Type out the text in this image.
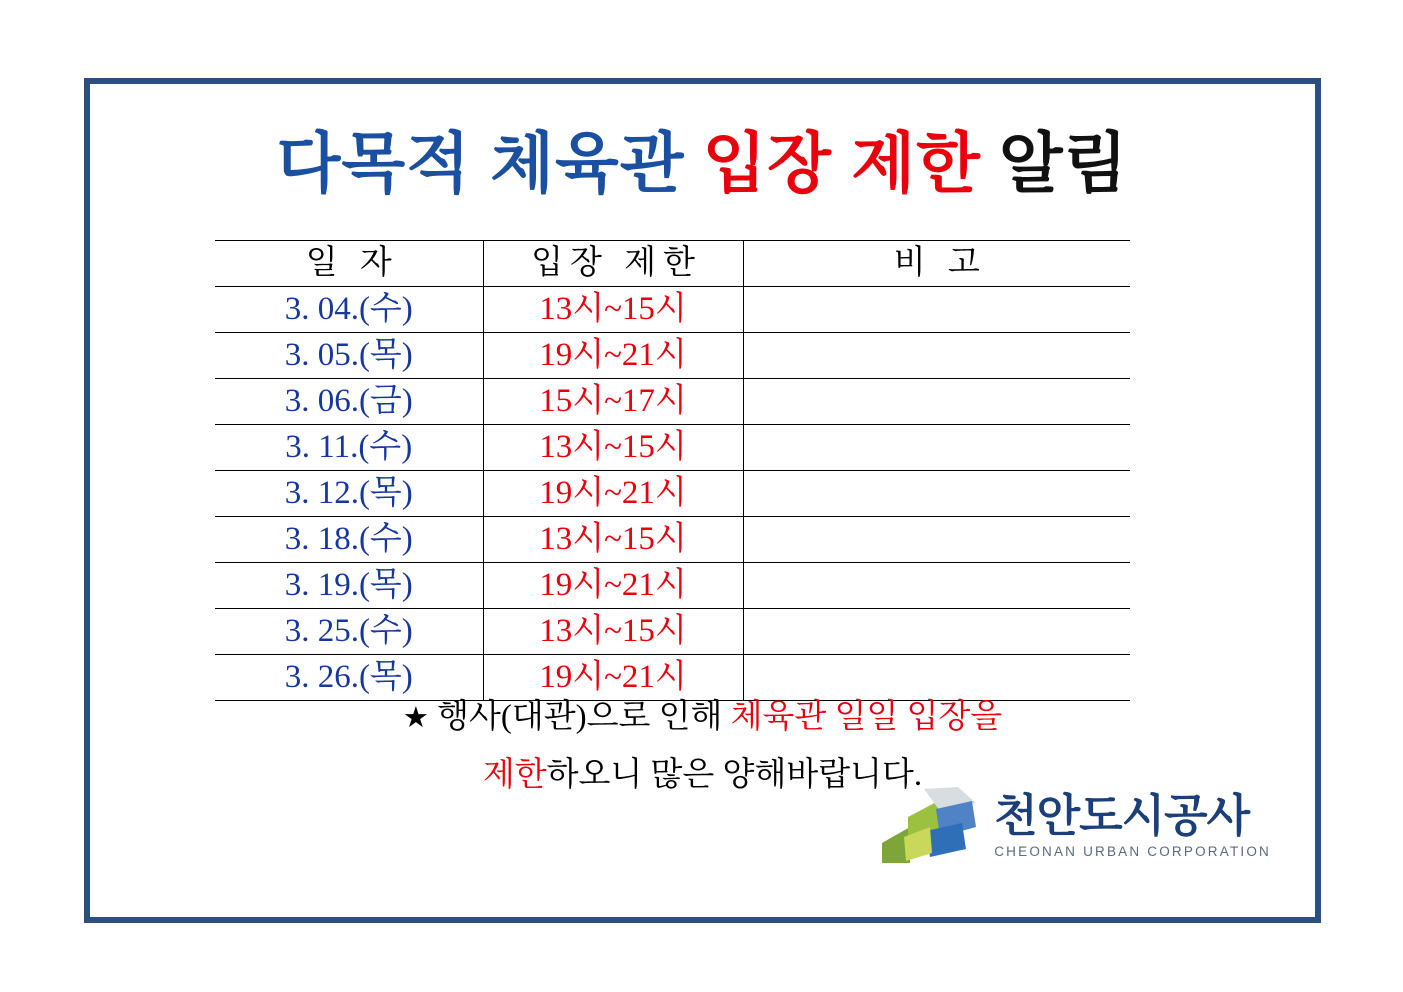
다목적 체육관 입장 제한 알림
일 자	입장 제한	비 고
3. 04.(수)	13시~15시	
3. 05.(목)	19시~21시	
3. 06.(금)	15시~17시	
3. 11.(수)	13시~15시	
3. 12.(목)	19시~21시	
3. 18.(수)	13시~15시	
3. 19.(목)	19시~21시	
3. 25.(수)	13시~15시	
3. 26.(목)	19시~21시	
★ 행사(대관)으로 인해 체육관 일일 입장을
제한하오니 많은 양해바랍니다.
천안도시공사
CHEONAN URBAN CORPORATION
